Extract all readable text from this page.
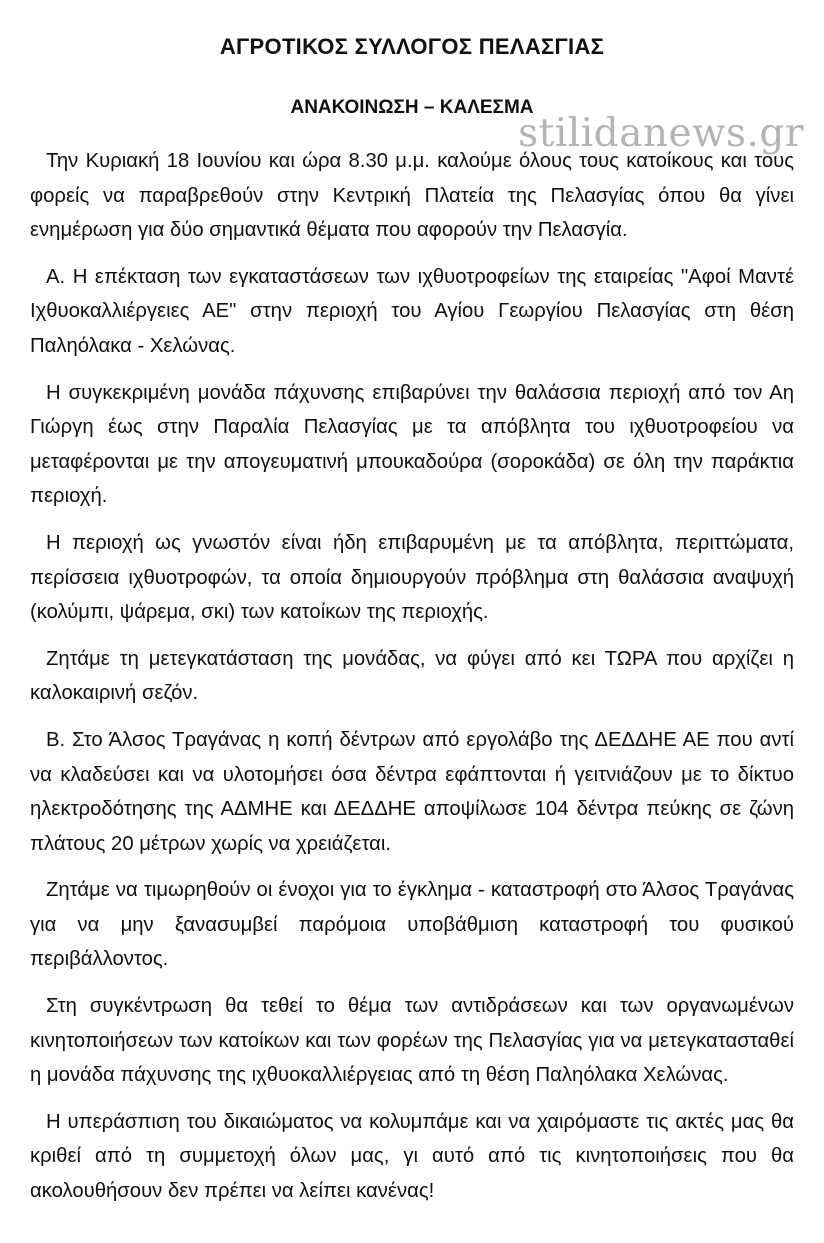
ΑΓΡΟΤΙΚΟΣ ΣΥΛΛΟΓΟΣ ΠΕΛΑΣΓΙΑΣ
ΑΝΑΚΟΙΝΩΣΗ – ΚΑΛΕΣΜΑ

Την Κυριακή 18 Ιουνίου και ώρα 8.30 μ.μ. καλούμε όλους τους κατοίκους και τους φορείς να παραβρεθούν στην Κεντρική Πλατεία της Πελασγίας όπου θα γίνει ενημέρωση για δύο σημαντικά θέματα που αφορούν την Πελασγία.

Α. Η επέκταση των εγκαταστάσεων των ιχθυοτροφείων της εταιρείας "Αφοί Μαντέ Ιχθυοκαλλιέργειες ΑΕ" στην περιοχή του Αγίου Γεωργίου Πελασγίας στη θέση Παληόλακα - Χελώνας.

Η συγκεκριμένη μονάδα πάχυνσης επιβαρύνει την θαλάσσια περιοχή από τον Αη Γιώργη έως στην Παραλία Πελασγίας με τα απόβλητα του ιχθυοτροφείου να μεταφέρονται με την απογευματινή μπουκαδούρα (σοροκάδα) σε όλη την παράκτια περιοχή.

Η περιοχή ως γνωστόν είναι ήδη επιβαρυμένη με τα απόβλητα, περιττώματα, περίσσεια ιχθυοτροφών, τα οποία δημιουργούν πρόβλημα στη θαλάσσια αναψυχή (κολύμπι, ψάρεμα, σκι) των κατοίκων της περιοχής.

Ζητάμε τη μετεγκατάσταση της μονάδας, να φύγει από κει ΤΩΡΑ που αρχίζει η καλοκαιρινή σεζόν.

Β. Στο Άλσος Τραγάνας η κοπή δέντρων από εργολάβο της ΔΕΔΔΗΕ ΑΕ που αντί να κλαδεύσει και να υλοτομήσει όσα δέντρα εφάπτονται ή γειτνιάζουν με το δίκτυο ηλεκτροδότησης της ΑΔΜΗΕ και ΔΕΔΔΗΕ αποψίλωσε 104 δέντρα πεύκης σε ζώνη πλάτους 20 μέτρων χωρίς να χρειάζεται.

Ζητάμε να τιμωρηθούν οι ένοχοι για το έγκλημα - καταστροφή στο Άλσος Τραγάνας για να μην ξανασυμβεί παρόμοια υποβάθμιση καταστροφή του φυσικού περιβάλλοντος.

Στη συγκέντρωση θα τεθεί το θέμα των αντιδράσεων και των οργανωμένων κινητοποιήσεων των κατοίκων και των φορέων της Πελασγίας για να μετεγκατασταθεί η μονάδα πάχυνσης της ιχθυοκαλλιέργειας από τη θέση Παληόλακα Χελώνας.

Η υπεράσπιση του δικαιώματος να κολυμπάμε και να χαιρόμαστε τις ακτές μας θα κριθεί από τη συμμετοχή όλων μας, γι αυτό από τις κινητοποιήσεις που θα ακολουθήσουν δεν πρέπει να λείπει κανένας!

stilidanews.gr
